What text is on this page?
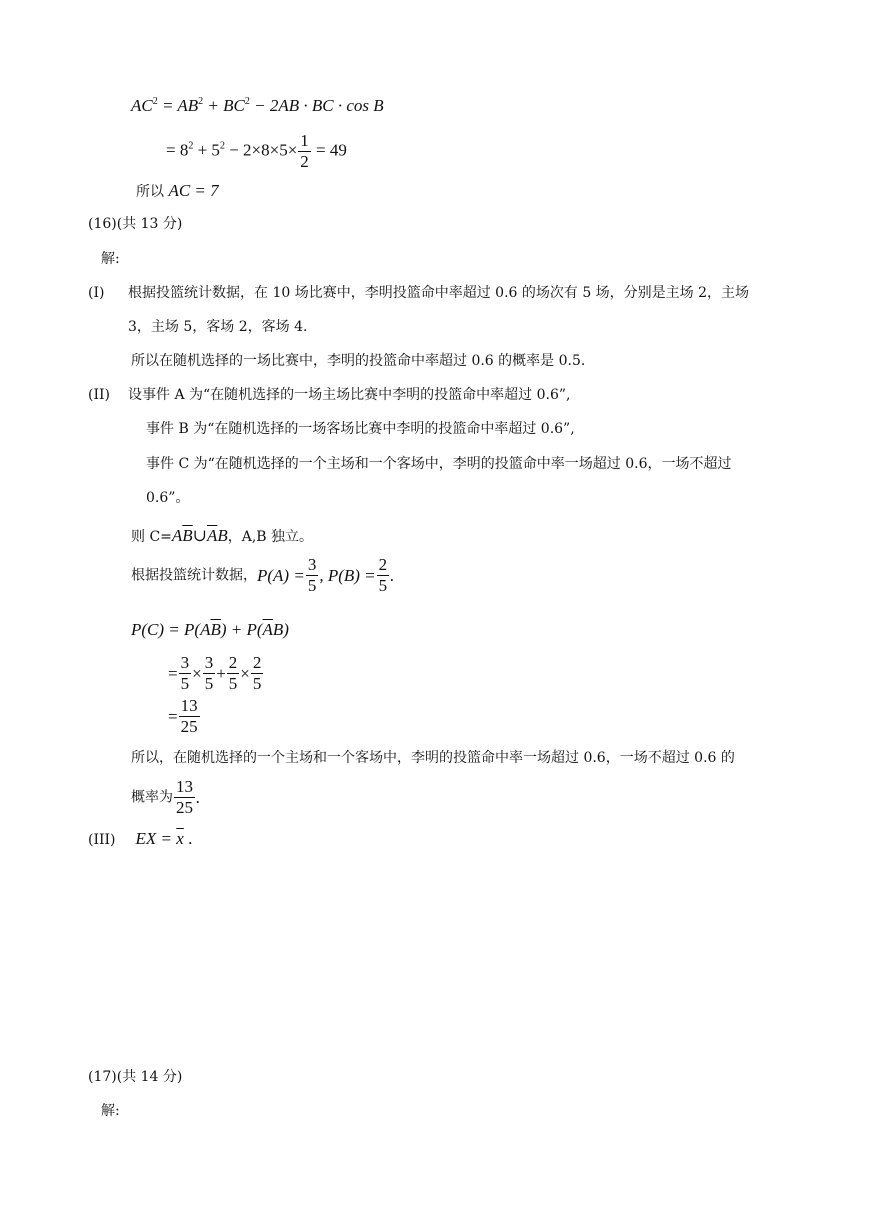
$AC^2 = AB^2 + BC^2 - 2AB$ · BC · cos B
= $8^2 + 5^2 - 2\times 8\times 5\times \frac{1}{2} = 49$
所以 AC = 7
(16)(共 13 分)
解:
(I) 根据投篮统计数据，在 10 场比赛中，李明投篮命中率超过 0.6 的场次有 5 场，分别是主场 2，主场
3，主场 5，客场 2，客场 4.
所以在随机选择的一场比赛中，李明的投篮命中率超过 0.6 的概率是 0.5.
(II) 设事件 A 为“在随机选择的一场主场比赛中李明的投篮命中率超过 0.6”,
事件 B 为“在随机选择的一场客场比赛中李明的投篮命中率超过 0.6”,
事件 C 为“在随机选择的一个主场和一个客场中，李明的投篮命中率一场超过 0.6，一场不超过
0.6”。
则 $C=A\overline{B}\cup\overline{A}B$，A,B 独立。
根据投篮统计数据，$P(A) = \frac{3}{5}$ , $P(B) = \frac{2}{5}$ .
$P(C) = P(A\overline{B}) + P(\overline{A}B)$
= $\frac{3}{5} \times \frac{3}{5} + \frac{2}{5} \times \frac{2}{5}$
= $\frac{13}{25}$
所以，在随机选择的一个主场和一个客场中，李明的投篮命中率一场超过 0.6，一场不超过 0.6 的
概率为 $\frac{13}{25}$ .
(III) EX = $\overline{x}$ .
(17)(共 14 分)
解:
